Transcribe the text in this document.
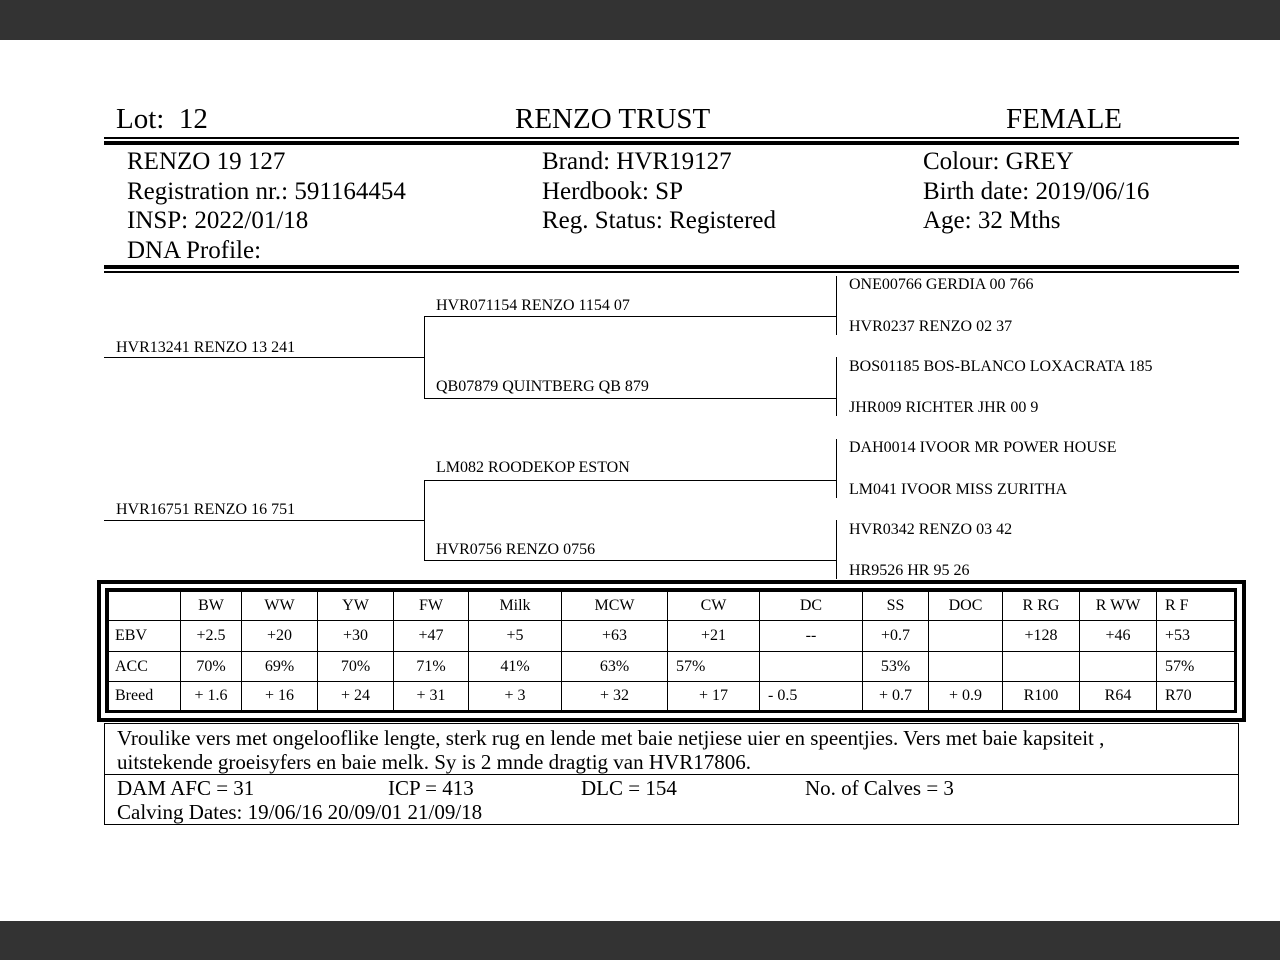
Lot: 12	RENZO TRUST	FEMALE
RENZO 19 127
Registration nr.: 591164454
INSP: 2022/01/18
DNA Profile:
Brand: HVR19127
Herdbook: SP
Reg. Status: Registered
Colour: GREY
Birth date: 2019/06/16
Age: 32 Mths
HVR13241 RENZO 13 241
HVR16751 RENZO 16 751
HVR071154 RENZO 1154 07
QB07879 QUINTBERG QB 879
LM082 ROODEKOP ESTON
HVR0756 RENZO 0756
ONE00766 GERDIA 00 766
HVR0237 RENZO 02 37
BOS01185 BOS-BLANCO LOXACRATA 185
JHR009 RICHTER JHR 00 9
DAH0014 IVOOR MR POWER HOUSE
LM041 IVOOR MISS ZURITHA
HVR0342 RENZO 03 42
HR9526 HR 95 26
	BW	WW	YW	FW	Milk	MCW	CW	DC	SS	DOC	R RG	R WW	R F
EBV	+2.5	+20	+30	+47	+5	+63	+21	--	+0.7		+128	+46	+53
ACC	70%	69%	70%	71%	41%	63%	57%		53%				57%
Breed	+ 1.6	+ 16	+ 24	+ 31	+ 3	+ 32	+ 17	- 0.5	+ 0.7	+ 0.9	R100	R64	R70
Vroulike vers met ongelooflike lengte, sterk rug en lende met baie netjiese uier en speentjies. Vers met baie kapsiteit ,
uitstekende groeisyfers en baie melk. Sy is 2 mnde dragtig van HVR17806.
DAM AFC = 31	ICP = 413	DLC = 154	No. of Calves = 3
Calving Dates: 19/06/16 20/09/01 21/09/18
